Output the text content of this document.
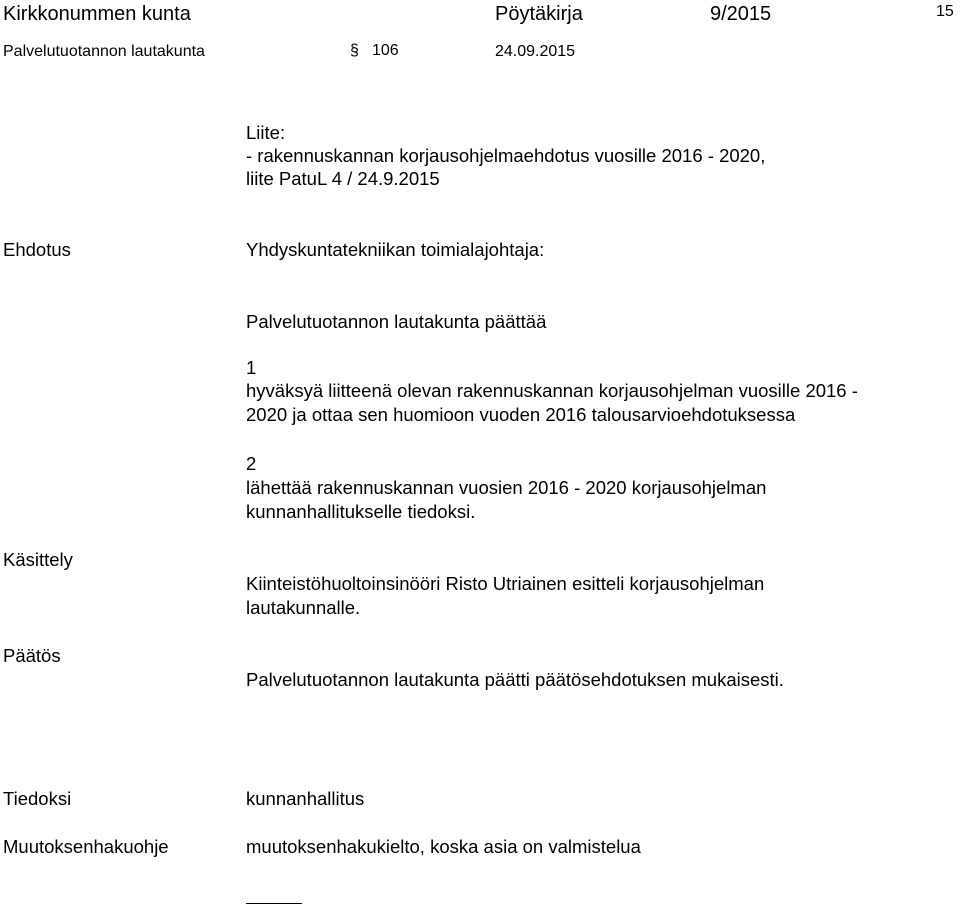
Kirkkonummen kunta	Pöytäkirja	9/2015	15
Palvelutuotannon lautakunta	§ 106	24.09.2015
Liite:
- rakennuskannan korjausohjelmaehdotus vuosille 2016 - 2020,
liite PatuL 4 / 24.9.2015
Ehdotus	Yhdyskuntatekniikan toimialajohtaja:
Palvelutuotannon lautakunta päättää
1
hyväksyä liitteenä olevan rakennuskannan korjausohjelman vuosille 2016 -
2020 ja ottaa sen huomioon vuoden 2016 talousarvioehdotuksessa
2
lähettää rakennuskannan vuosien 2016 - 2020 korjausohjelman
kunnanhallitukselle tiedoksi.
Käsittely
Kiinteistöhuoltoinsinööri Risto Utriainen esitteli korjausohjelman
lautakunnalle.
Päätös
Palvelutuotannon lautakunta päätti päätösehdotuksen mukaisesti.
Tiedoksi	kunnanhallitus
Muutoksenhakuohje	muutoksenhakukielto, koska asia on valmistelua
